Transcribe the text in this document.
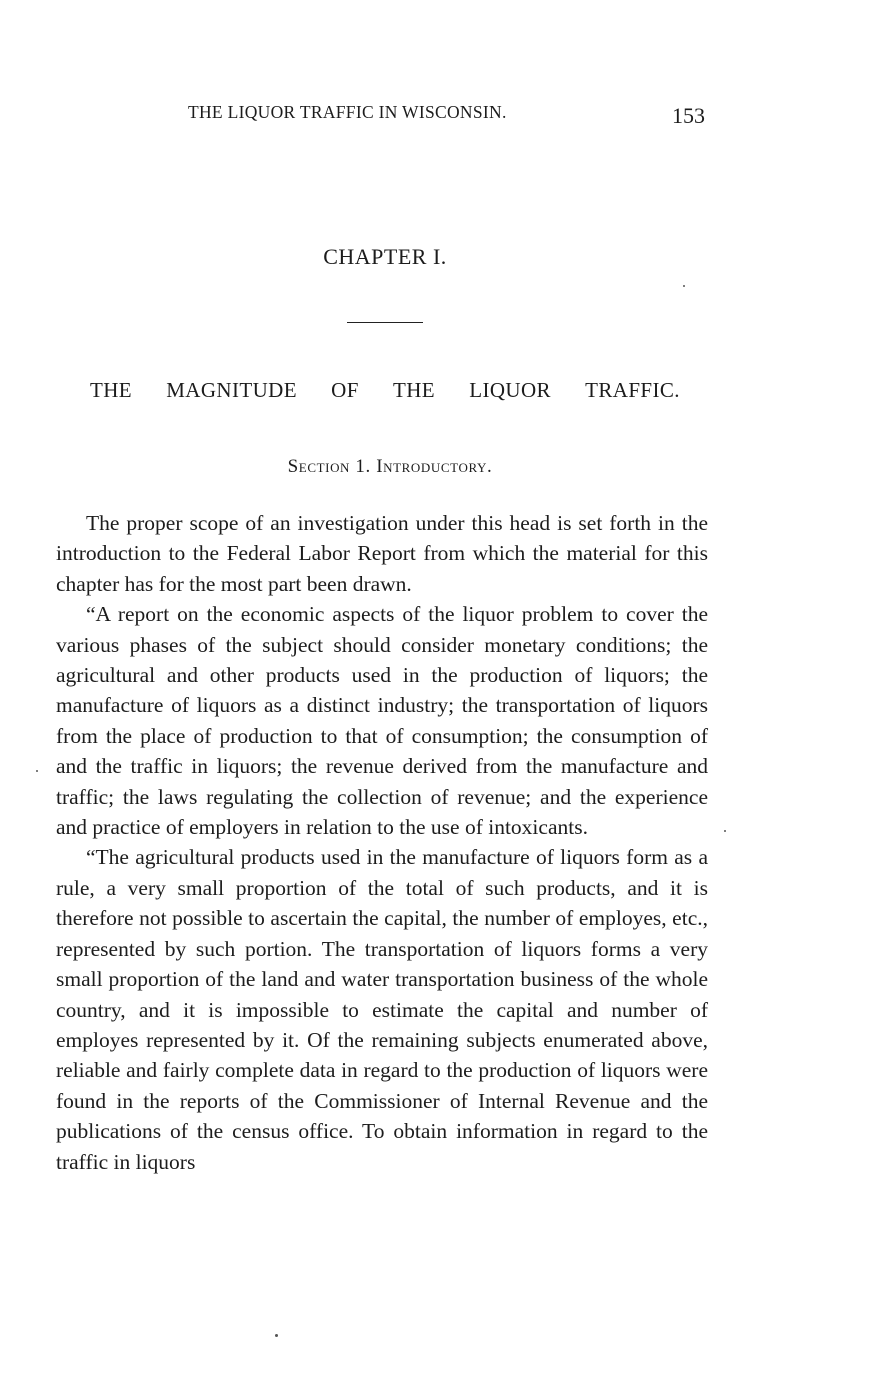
THE LIQUOR TRAFFIC IN WISCONSIN.	153
CHAPTER I.
THE MAGNITUDE OF THE LIQUOR TRAFFIC.
Section 1. Introductory.

The proper scope of an investigation under this head is set forth in the introduction to the Federal Labor Report from which the material for this chapter has for the most part been drawn.

“A report on the economic aspects of the liquor problem to cover the various phases of the subject should consider monetary conditions; the agricultural and other products used in the production of liquors; the manufacture of liquors as a distinct industry; the transportation of liquors from the place of production to that of consumption; the consumption of and the traffic in liquors; the revenue derived from the manufacture and traffic; the laws regulating the collection of revenue; and the experience and practice of employers in relation to the use of intoxicants.

“The agricultural products used in the manufacture of liquors form as a rule, a very small proportion of the total of such products, and it is therefore not possible to ascertain the capital, the number of employes, etc., represented by such portion. The transportation of liquors forms a very small proportion of the land and water transportation business of the whole country, and it is impossible to estimate the capital and number of employes represented by it. Of the remaining subjects enumerated above, reliable and fairly complete data in regard to the production of liquors were found in the reports of the Commissioner of Internal Revenue and the publications of the census office. To obtain information in regard to the traffic in liquors
